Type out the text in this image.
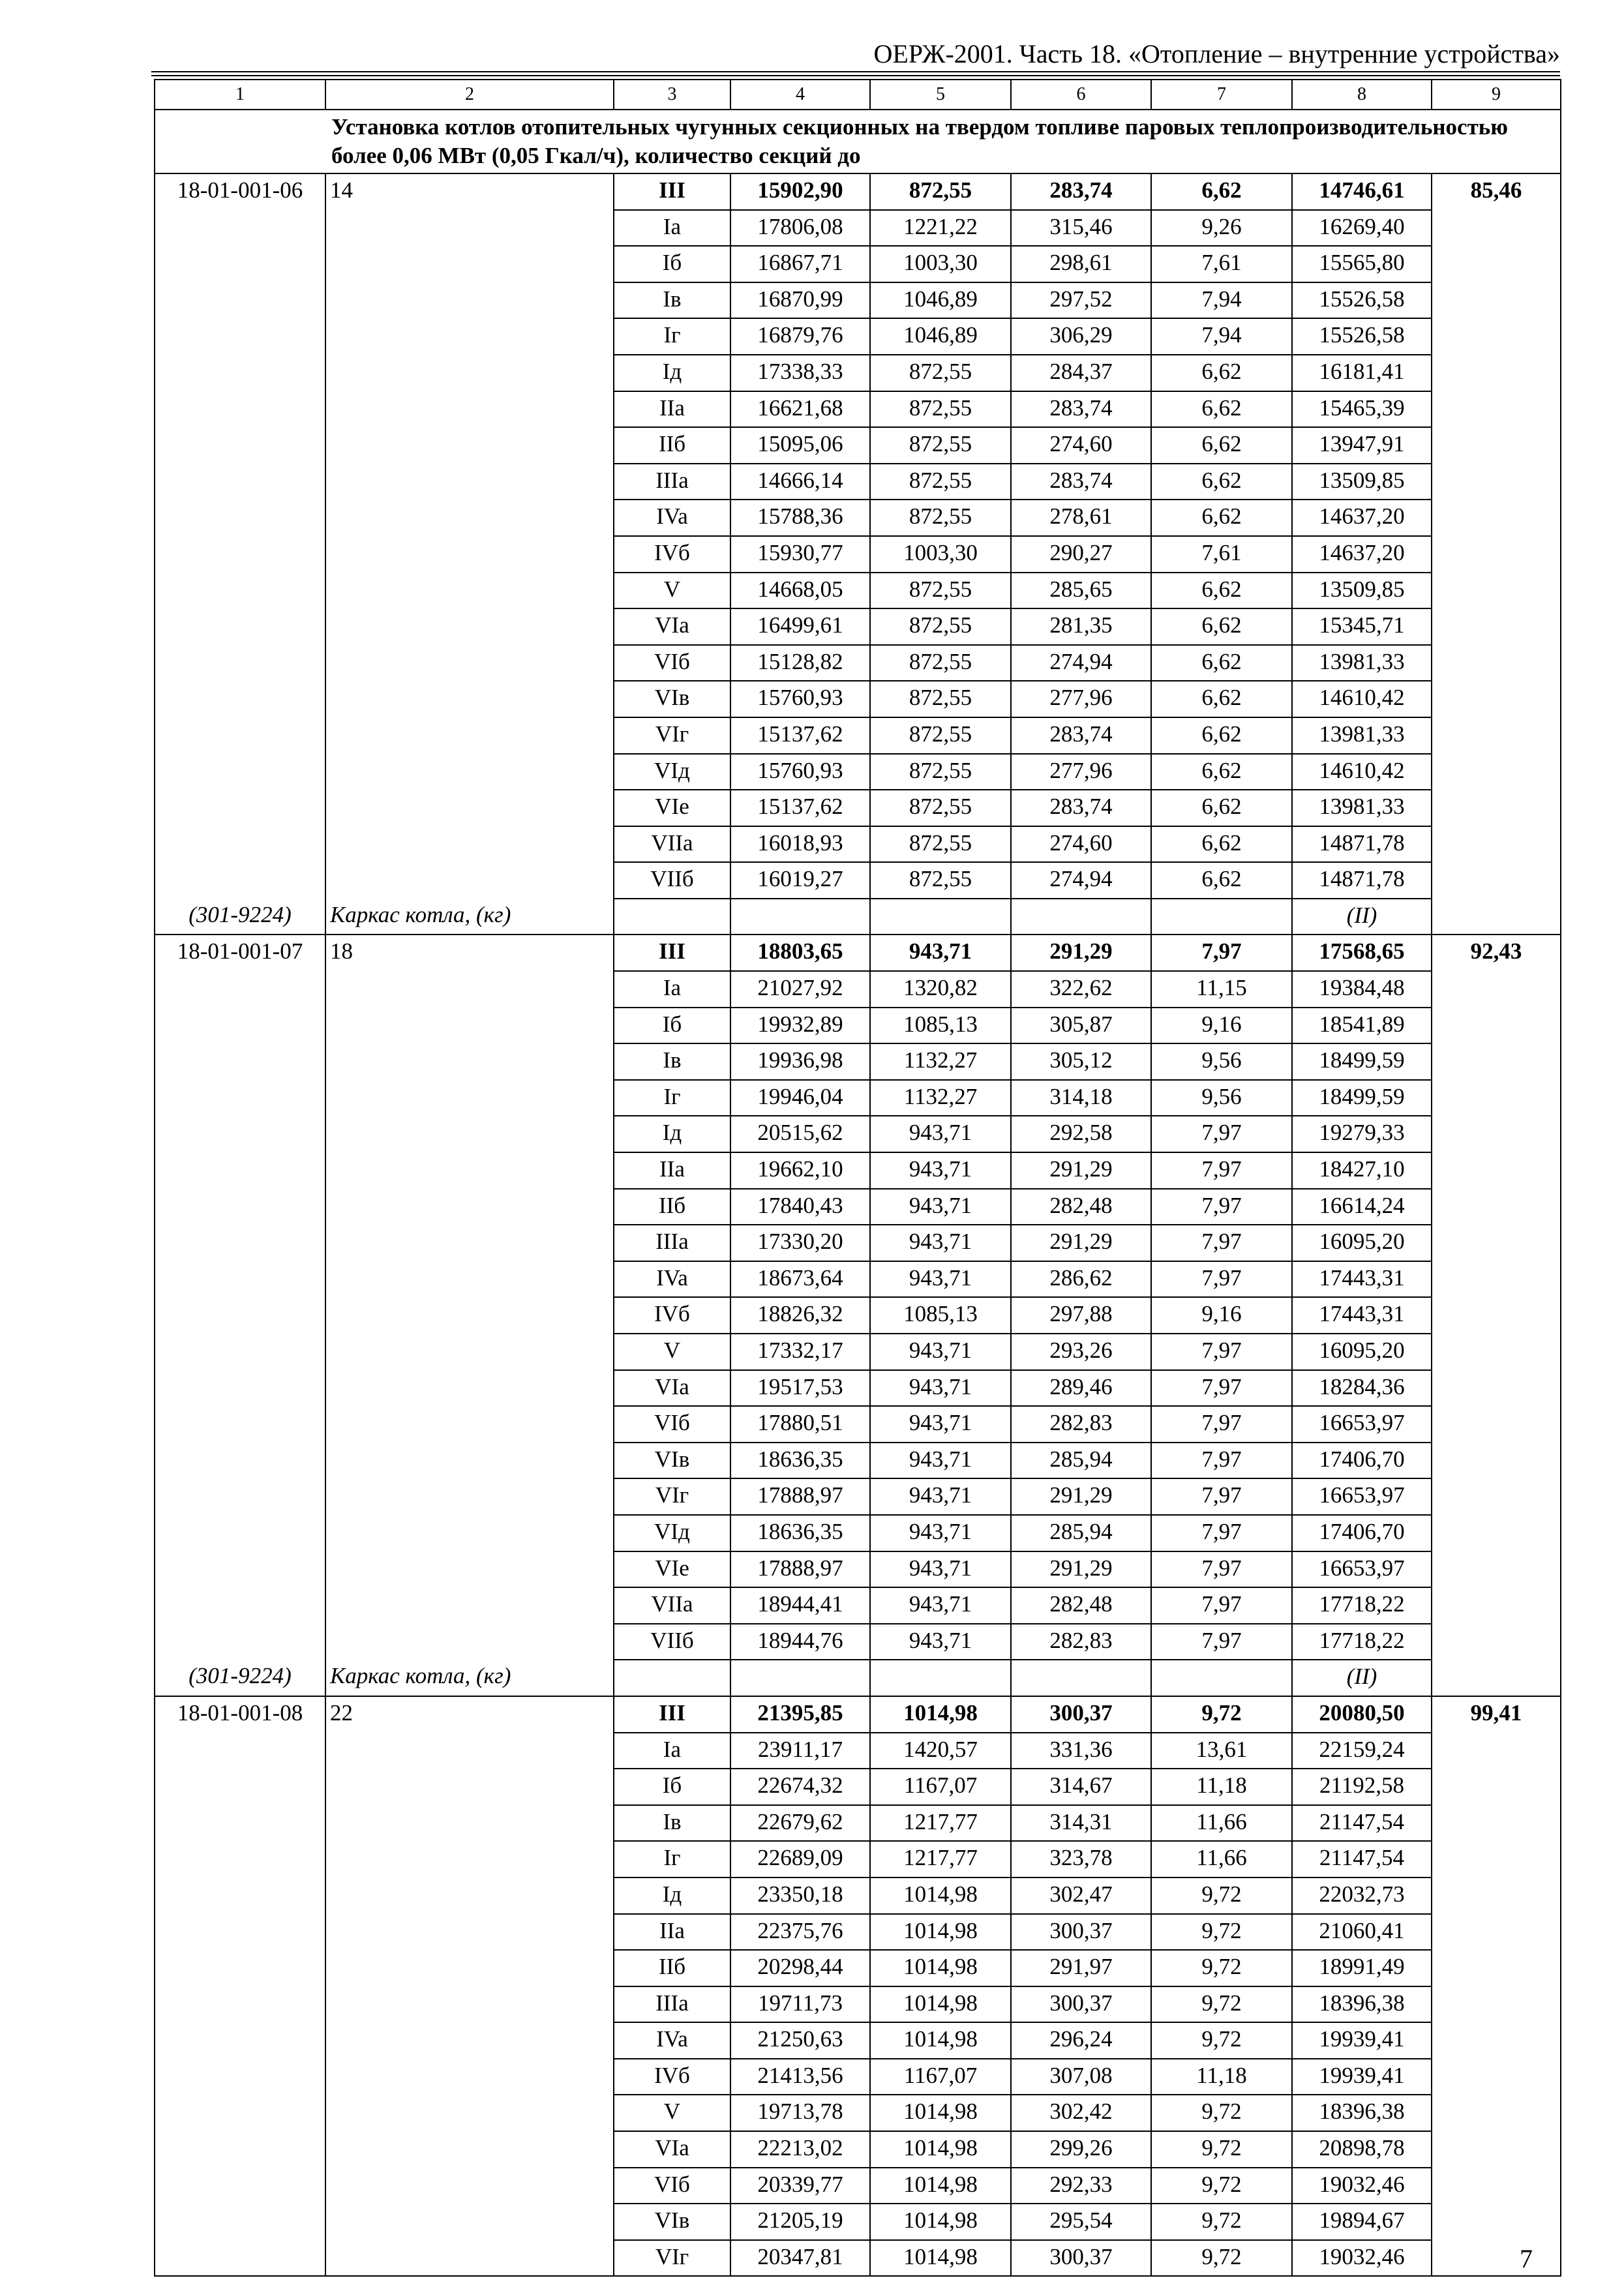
ОЕРЖ-2001. Часть 18. «Отопление – внутренние устройства»
1	2	3	4	5	6	7	8	9

Установка котлов отопительных чугунных секционных на твердом топливе паровых теплопроизводительностью более 0,06 МВт (0,05 Гкал/ч), количество секций до								

18-01-001-06	14	III	15902,90	872,55	283,74	6,62	14746,61	85,46
		Ia	17806,08	1221,22	315,46	9,26	16269,40	
		Iб	16867,71	1003,30	298,61	7,61	15565,80	
		Iв	16870,99	1046,89	297,52	7,94	15526,58	
		Iг	16879,76	1046,89	306,29	7,94	15526,58	
		Iд	17338,33	872,55	284,37	6,62	16181,41	
		IIa	16621,68	872,55	283,74	6,62	15465,39	
		IIб	15095,06	872,55	274,60	6,62	13947,91	
		IIIa	14666,14	872,55	283,74	6,62	13509,85	
		IVa	15788,36	872,55	278,61	6,62	14637,20	
		IVб	15930,77	1003,30	290,27	7,61	14637,20	
		V	14668,05	872,55	285,65	6,62	13509,85	
		VIa	16499,61	872,55	281,35	6,62	15345,71	
		VIб	15128,82	872,55	274,94	6,62	13981,33	
		VIв	15760,93	872,55	277,96	6,62	14610,42	
		VIг	15137,62	872,55	283,74	6,62	13981,33	
		VIд	15760,93	872,55	277,96	6,62	14610,42	
		VIe	15137,62	872,55	283,74	6,62	13981,33	
		VIIa	16018,93	872,55	274,60	6,62	14871,78	
		VIIб	16019,27	872,55	274,94	6,62	14871,78	
(301-9224)	Каркас котла, (кг)						(II)	
18-01-001-07	18	III	18803,65	943,71	291,29	7,97	17568,65	92,43
		Ia	21027,92	1320,82	322,62	11,15	19384,48	
		Iб	19932,89	1085,13	305,87	9,16	18541,89	
		Iв	19936,98	1132,27	305,12	9,56	18499,59	
		Iг	19946,04	1132,27	314,18	9,56	18499,59	
		Iд	20515,62	943,71	292,58	7,97	19279,33	
		IIa	19662,10	943,71	291,29	7,97	18427,10	
		IIб	17840,43	943,71	282,48	7,97	16614,24	
		IIIa	17330,20	943,71	291,29	7,97	16095,20	
		IVa	18673,64	943,71	286,62	7,97	17443,31	
		IVб	18826,32	1085,13	297,88	9,16	17443,31	
		V	17332,17	943,71	293,26	7,97	16095,20	
		VIa	19517,53	943,71	289,46	7,97	18284,36	
		VIб	17880,51	943,71	282,83	7,97	16653,97	
		VIв	18636,35	943,71	285,94	7,97	17406,70	
		VIг	17888,97	943,71	291,29	7,97	16653,97	
		VIд	18636,35	943,71	285,94	7,97	17406,70	
		VIe	17888,97	943,71	291,29	7,97	16653,97	
		VIIa	18944,41	943,71	282,48	7,97	17718,22	
		VIIб	18944,76	943,71	282,83	7,97	17718,22	
(301-9224)	Каркас котла, (кг)						(II)	
18-01-001-08	22	III	21395,85	1014,98	300,37	9,72	20080,50	99,41
		Ia	23911,17	1420,57	331,36	13,61	22159,24	
		Iб	22674,32	1167,07	314,67	11,18	21192,58	
		Iв	22679,62	1217,77	314,31	11,66	21147,54	
		Iг	22689,09	1217,77	323,78	11,66	21147,54	
		Iд	23350,18	1014,98	302,47	9,72	22032,73	
		IIa	22375,76	1014,98	300,37	9,72	21060,41	
		IIб	20298,44	1014,98	291,97	9,72	18991,49	
		IIIa	19711,73	1014,98	300,37	9,72	18396,38	
		IVa	21250,63	1014,98	296,24	9,72	19939,41	
		IVб	21413,56	1167,07	307,08	11,18	19939,41	
		V	19713,78	1014,98	302,42	9,72	18396,38	
		VIa	22213,02	1014,98	299,26	9,72	20898,78	
		VIб	20339,77	1014,98	292,33	9,72	19032,46	
		VIв	21205,19	1014,98	295,54	9,72	19894,67	
		VIг	20347,81	1014,98	300,37	9,72	19032,46		7
